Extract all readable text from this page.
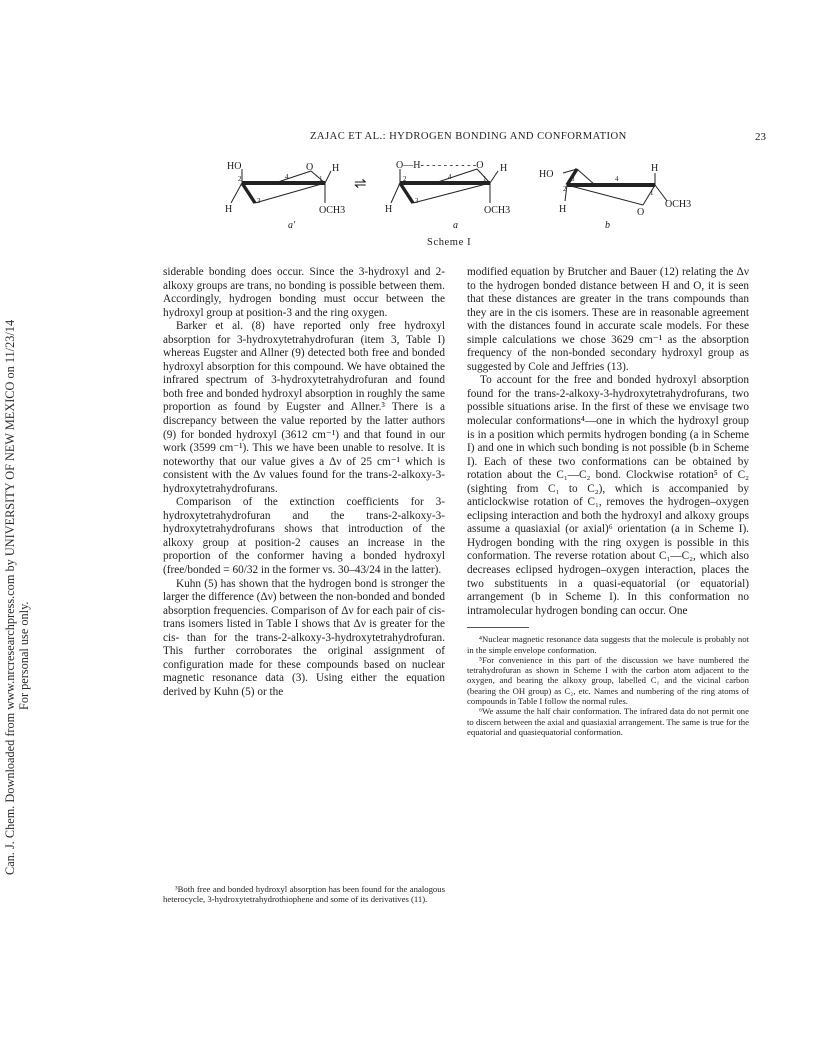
Can. J. Chem. Downloaded from www.nrcresearchpress.com by UNIVERSITY OF NEW MEXICO on 11/23/14 For personal use only.
ZAJAC ET AL.: HYDROGEN BONDING AND CONFORMATION	23
HO	O H
H	OCH3
2
3
4	1
a′
⇌
O—H- - - - - - - - - -O H
H	OCH3
2
3
4	1
a
HO
H
H	O
OCH3
3
2
4
1
b
Scheme I

siderable bonding does occur. Since the 3-hydroxyl and 2-alkoxy groups are trans, no bonding is possible between them. Accordingly, hydrogen bonding must occur between the hydroxyl group at position-3 and the ring oxygen.

Barker et al. (8) have reported only free hydroxyl absorption for 3-hydroxytetrahydrofuran (item 3, Table I) whereas Eugster and Allner (9) detected both free and bonded hydroxyl absorption for this compound. We have obtained the infrared spectrum of 3-hydroxytetrahydrofuran and found both free and bonded hydroxyl absorption in roughly the same proportion as found by Eugster and Allner.³ There is a discrepancy between the value reported by the latter authors (9) for bonded hydroxyl (3612 cm⁻¹) and that found in our work (3599 cm⁻¹). This we have been unable to resolve. It is noteworthy that our value gives a Δν of 25 cm⁻¹ which is consistent with the Δν values found for the trans-2-alkoxy-3-hydroxytetrahydrofurans.

Comparison of the extinction coefficients for 3-hydroxytetrahydrofuran and the trans-2-alkoxy-3-hydroxytetrahydrofurans shows that introduction of the alkoxy group at position-2 causes an increase in the proportion of the conformer having a bonded hydroxyl (free/bonded = 60/32 in the former vs. 30–43/24 in the latter).

Kuhn (5) has shown that the hydrogen bond is stronger the larger the difference (Δν) between the non-bonded and bonded absorption frequencies. Comparison of Δν for each pair of cis-trans isomers listed in Table I shows that Δν is greater for the cis- than for the trans-2-alkoxy-3-hydroxytetrahydrofuran. This further corroborates the original assignment of configuration made for these compounds based on nuclear magnetic resonance data (3). Using either the equation derived by Kuhn (5) or the

³Both free and bonded hydroxyl absorption has been found for the analogous heterocycle, 3-hydroxytetrahydrothiophene and some of its derivatives (11).

modified equation by Brutcher and Bauer (12) relating the Δν to the hydrogen bonded distance between H and O, it is seen that these distances are greater in the trans compounds than they are in the cis isomers. These are in reasonable agreement with the distances found in accurate scale models. For these simple calculations we chose 3629 cm⁻¹ as the absorption frequency of the non-bonded secondary hydroxyl group as suggested by Cole and Jeffries (13).

To account for the free and bonded hydroxyl absorption found for the trans-2-alkoxy-3-hydroxytetrahydrofurans, two possible situations arise. In the first of these we envisage two molecular conformations⁴—one in which the hydroxyl group is in a position which permits hydrogen bonding (a in Scheme I) and one in which such bonding is not possible (b in Scheme I). Each of these two conformations can be obtained by rotation about the C₁—C₂ bond. Clockwise rotation⁵ of C₂ (sighting from C₁ to C₂), which is accompanied by anticlockwise rotation of C₁, removes the hydrogen–oxygen eclipsing interaction and both the hydroxyl and alkoxy groups assume a quasiaxial (or axial)⁶ orientation (a in Scheme I). Hydrogen bonding with the ring oxygen is possible in this conformation. The reverse rotation about C₁—C₂, which also decreases eclipsed hydrogen–oxygen interaction, places the two substituents in a quasi-equatorial (or equatorial) arrangement (b in Scheme I). In this conformation no intramolecular hydrogen bonding can occur. One

⁴Nuclear magnetic resonance data suggests that the molecule is probably not in the simple envelope conformation.

⁵For convenience in this part of the discussion we have numbered the tetrahydrofuran as shown in Scheme I with the carbon atom adjacent to the oxygen, and bearing the alkoxy group, labelled C₁ and the vicinal carbon (bearing the OH group) as C₂, etc. Names and numbering of the ring atoms of compounds in Table I follow the normal rules.

⁶We assume the half chair conformation. The infrared data do not permit one to discern between the axial and quasiaxial arrangement. The same is true for the equatorial and quasiequatorial conformation.
